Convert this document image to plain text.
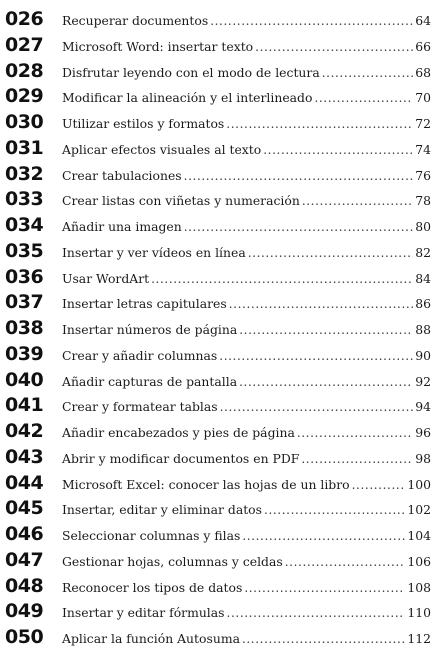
026	Recuperar documentos . . .	64
027	Microsoft Word: insertar texto . . .	66
028	Disfrutar leyendo con el modo de lectura . . .	68
029	Modificar la alineación y el interlineado . . .	70
030	Utilizar estilos y formatos . . .	72
031	Aplicar efectos visuales al texto . . .	74
032	Crear tabulaciones . . .	76
033	Crear listas con viñetas y numeración . . .	78
034	Añadir una imagen . . .	80
035	Insertar y ver vídeos en línea . . .	82
036	Usar WordArt . . .	84
037	Insertar letras capitulares . . .	86
038	Insertar números de página . . .	88
039	Crear y añadir columnas . . .	90
040	Añadir capturas de pantalla . . .	92
041	Crear y formatear tablas . . .	94
042	Añadir encabezados y pies de página . . .	96
043	Abrir y modificar documentos en PDF . . .	98
044	Microsoft Excel: conocer las hojas de un libro . . .	100
045	Insertar, editar y eliminar datos . . .	102
046	Seleccionar columnas y filas . . .	104
047	Gestionar hojas, columnas y celdas . . .	106
048	Reconocer los tipos de datos . . .	108
049	Insertar y editar fórmulas . . .	110
050	Aplicar la función Autosuma . . .	112
